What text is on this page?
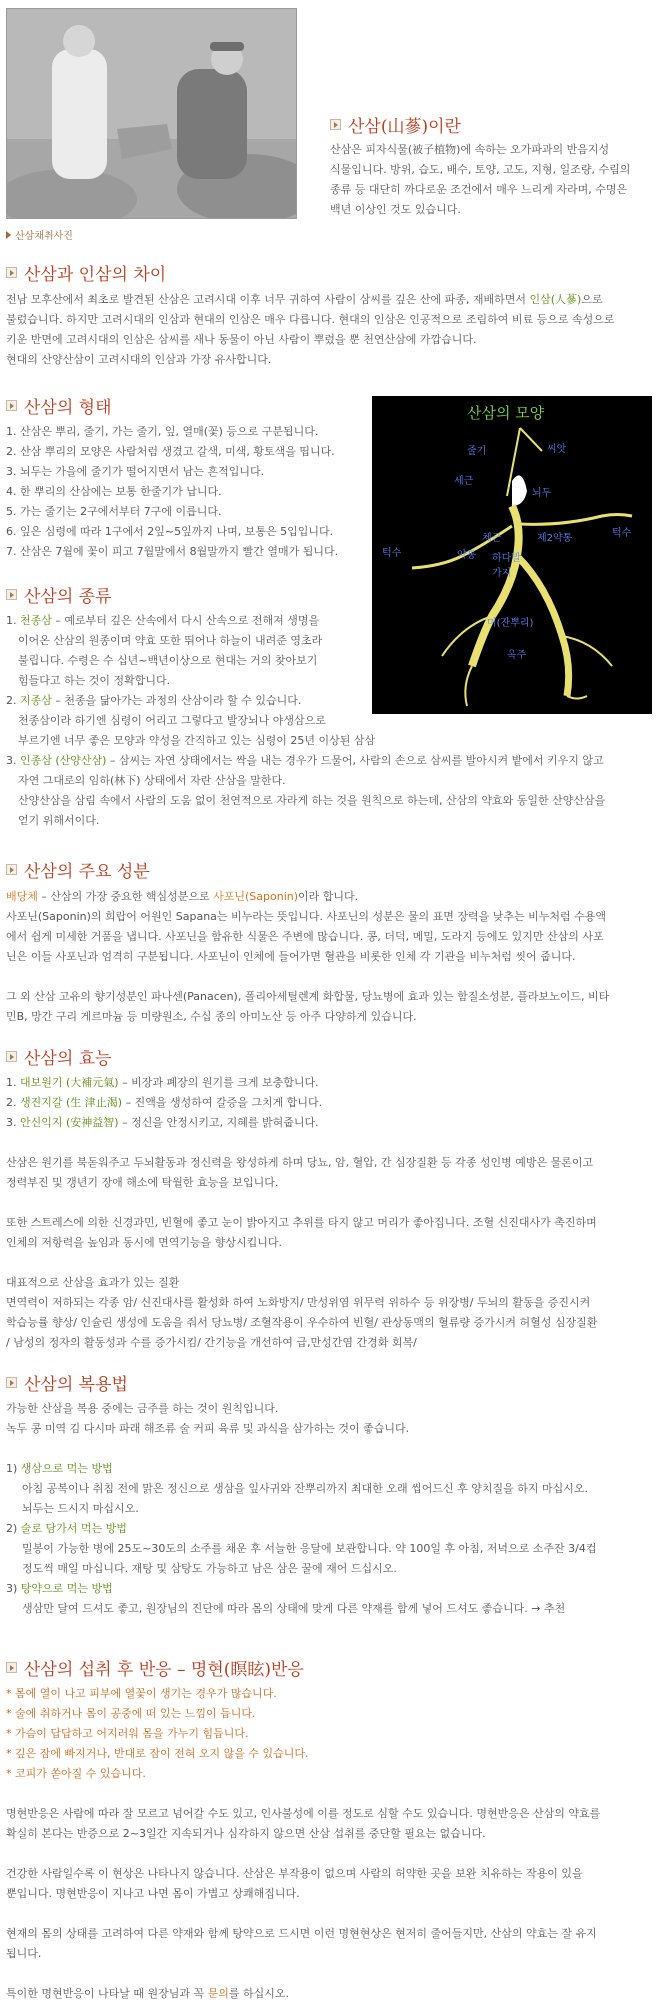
산삼채취사진
산삼(山蔘)이란
산삼은 피자식물(被子植物)에 속하는 오가파과의 반음지성
식물입니다. 방위, 습도, 배수, 토양, 고도, 지형, 일조량, 수림의
종류 등 대단히 까다로운 조건에서 매우 느리게 자라며, 수명은
백년 이상인 것도 있습니다.
산삼과 인삼의 차이
전남 모후산에서 최초로 발견된 산삼은 고려시대 이후 너무 귀하여 사람이 삼씨를 깊은 산에 파종, 재배하면서 인삼(人蔘)으로
불렀습니다. 하지만 고려시대의 인삼과 현대의 인삼은 매우 다릅니다. 현대의 인삼은 인공적으로 조림하여 비료 등으로 속성으로
키운 반면에 고려시대의 인삼은 삼씨를 새나 동물이 아닌 사람이 뿌렸을 뿐 천연산삼에 가깝습니다.
현대의 산양산삼이 고려시대의 인삼과 가장 유사합니다.
산삼의 형태
1. 산삼은 뿌리, 줄기, 가는 줄기, 잎, 열매(꽃) 등으로 구분됩니다.
2. 산삼 뿌리의 모양은 사람처럼 생겼고 갈색, 미색, 황토색을 띱니다.
3. 뇌두는 가을에 줄기가 떨어지면서 남는 흔적입니다.
4. 한 뿌리의 산삼에는 보통 한줄기가 납니다.
5. 가는 줄기는 2구에서부터 7구에 이릅니다.
6. 잎은 심령에 따라 1구에서 2잎~5잎까지 나며, 보통은 5입입니다.
7. 산삼은 7월에 꽃이 피고 7월말에서 8월말까지 빨간 열매가 됩니다.
산삼의 모양
줄기	씨앗
세근
뇌두
턱수
턱수
체근	제2약통
약통 하다발
가지
미(잔뿌리)
옥주
산삼의 종류
1. 천종삼 – 예로부터 깊은 산속에서 다시 산속으로 전해져 생명을
이어온 산삼의 원종이며 약효 또한 뛰어나 하늘이 내려준 영초라
불립니다. 수령은 수 십년~백년이상으로 현대는 거의 찾아보기
힘들다고 하는 것이 정확합니다.
2. 지종삼 – 천종을 닮아가는 과정의 산삼이라 할 수 있습니다.
천종삼이라 하기엔 심령이 어리고 그렇다고 발장뇌나 야생삼으로
부르기엔 너무 좋은 모양과 약성을 간직하고 있는 심령이 25년 이상된 삼삼
3. 인종삼 (산양산삼) – 삼씨는 자연 상태에서는 싹을 내는 경우가 드물어, 사람의 손으로 삼씨를 발아시켜 밭에서 키우지 않고
자연 그대로의 임하(林下) 상태에서 자란 산삼을 말한다.
산양산삼을 삼림 속에서 사람의 도움 없이 천연적으로 자라게 하는 것을 원칙으로 하는데, 산삼의 약효와 동일한 산양산삼을
얻기 위해서이다.
산삼의 주요 성분
배당체 – 산삼의 가장 중요한 핵심성분으로 사포닌(Saponin)이라 합니다.
사포닌(Saponin)의 희랍어 어원인 Sapana는 비누라는 뜻입니다. 사포닌의 성분은 물의 표면 장력을 낮추는 비누처럼 수용액
에서 쉽게 미세한 거품을 냅니다. 사포닌을 함유한 식물은 주변에 많습니다. 콩, 더덕, 메밀, 도라지 등에도 있지만 산삼의 사포
닌은 이들 사포닌과 엄격히 구분됩니다. 사포닌이 인체에 들어가면 혈관을 비롯한 인체 각 기관을 비누처럼 씻어 줍니다.
그 외 산삼 고유의 향기성분인 파나센(Panacen), 폴리아세틸렌계 화합물, 당뇨병에 효과 있는 함질소성분, 플라보노이드, 비타
민B, 망간 구리 게르마늄 등 미량원소, 수십 종의 아미노산 등 아주 다양하게 있습니다.
산삼의 효능
1. 대보원기 (大補元氣) – 비장과 폐장의 원기를 크게 보충합니다.
2. 생진지갈 (生 津止渴) – 진액을 생성하여 갈증을 그치게 합니다.
3. 안신익지 (安神益智) – 정신을 안정시키고, 지혜를 밝혀줍니다.
산삼은 원기를 북돋워주고 두뇌활동과 정신력을 왕성하게 하며 당뇨, 암, 혈압, 간 심장질환 등 각종 성인병 예방은 물론이고
정력부진 및 갱년기 장애 해소에 탁월한 효능을 보입니다.
또한 스트레스에 의한 신경과민, 빈혈에 좋고 눈이 밝아지고 추위를 타지 않고 머리가 좋아집니다. 조혈 신진대사가 촉진하며
인체의 저항력을 높임과 동시에 면역기능을 향상시킵니다.
대표적으로 산삼을 효과가 있는 질환
면역력이 저하되는 각종 암/ 신진대사를 활성화 하여 노화방지/ 만성위염 위무력 위하수 등 위장병/ 두뇌의 활동을 증진시켜
학습능률 향상/ 인슐린 생성에 도움을 줘서 당뇨병/ 조혈작용이 우수하여 빈혈/ 관상동맥의 혈류량 증가시켜 허혈성 심장질환
/ 남성의 정자의 활동성과 수를 증가시킴/ 간기능을 개선하여 급,만성간염 간경화 회복/
산삼의 복용법
가능한 산삼을 복용 중에는 금주를 하는 것이 원칙입니다.
녹두 콩 미역 김 다시마 파래 해조류 술 커피 육류 및 과식을 삼가하는 것이 좋습니다.
1) 생삼으로 먹는 방법
아침 공복이나 취침 전에 맑은 정신으로 생삼을 잎사귀와 잔뿌리까지 최대한 오래 씹어드신 후 양치질을 하지 마십시오.
뇌두는 드시지 마십시오.
2) 술로 담가서 먹는 방법
밀봉이 가능한 병에 25도~30도의 소주를 채운 후 서늘한 응달에 보관합니다. 약 100일 후 아침, 저녁으로 소주잔 3/4컵
정도씩 매일 마십니다. 재탕 및 삼탕도 가능하고 남은 삼은 꿀에 재어 드십시오.
3) 탕약으로 먹는 방법
생삼만 달여 드셔도 좋고, 원장님의 진단에 따라 몸의 상태에 맞게 다른 약재를 함께 넣어 드셔도 좋습니다. → 추천
산삼의 섭취 후 반응 – 명현(瞑眩)반응
* 몸에 열이 나고 피부에 열꽃이 생기는 경우가 많습니다.
* 술에 취하거나 몸이 공중에 떠 있는 느낌이 듭니다.
* 가슴이 답답하고 어지러워 몸을 가누기 힘듭니다.
* 깊은 잠에 빠지거나, 반대로 잠이 전혀 오지 않을 수 있습니다.
* 코피가 쏟아질 수 있습니다.
명현반응은 사람에 따라 잘 모르고 넘어갈 수도 있고, 인사불성에 이를 정도로 심할 수도 있습니다. 명현반응은 산삼의 약효를
확실히 본다는 반증으로 2~3일간 지속되거나 심각하지 않으면 산삼 섭취를 중단할 필요는 없습니다.
건강한 사람일수록 이 현상은 나타나지 않습니다. 산삼은 부작용이 없으며 사람의 허약한 곳을 보완 치유하는 작용이 있을
뿐입니다. 명현반응이 지나고 나면 몸이 가볍고 상쾌해집니다.
현재의 몸의 상태를 고려하여 다른 약재와 함께 탕약으로 드시면 이런 명현현상은 현저히 줄어들지만, 산삼의 약효는 잘 유지
됩니다.
특이한 명현반응이 나타날 때 원장님과 꼭 문의를 하십시오.
